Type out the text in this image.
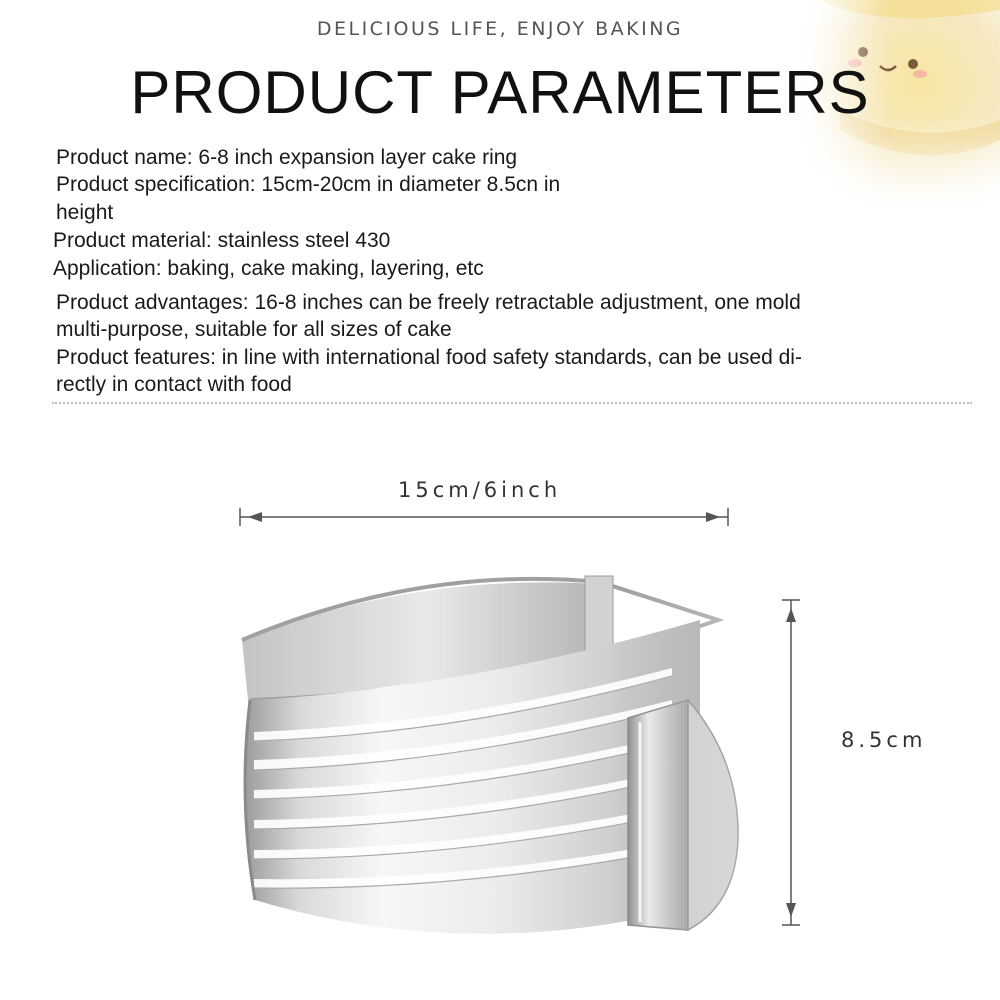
DELICIOUS LIFE, ENJOY BAKING
PRODUCT PARAMETERS
Product name: 6-8 inch expansion layer cake ring
Product specification: 15cm-20cm in diameter 8.5cn in
height
Product material: stainless steel 430
Application: baking, cake making, layering, etc
Product advantages: 16-8 inches can be freely retractable adjustment, one mold
multi-purpose, suitable for all sizes of cake
Product features: in line with international food safety standards, can be used di-
rectly in contact with food
15cm/6inch
8.5cm
